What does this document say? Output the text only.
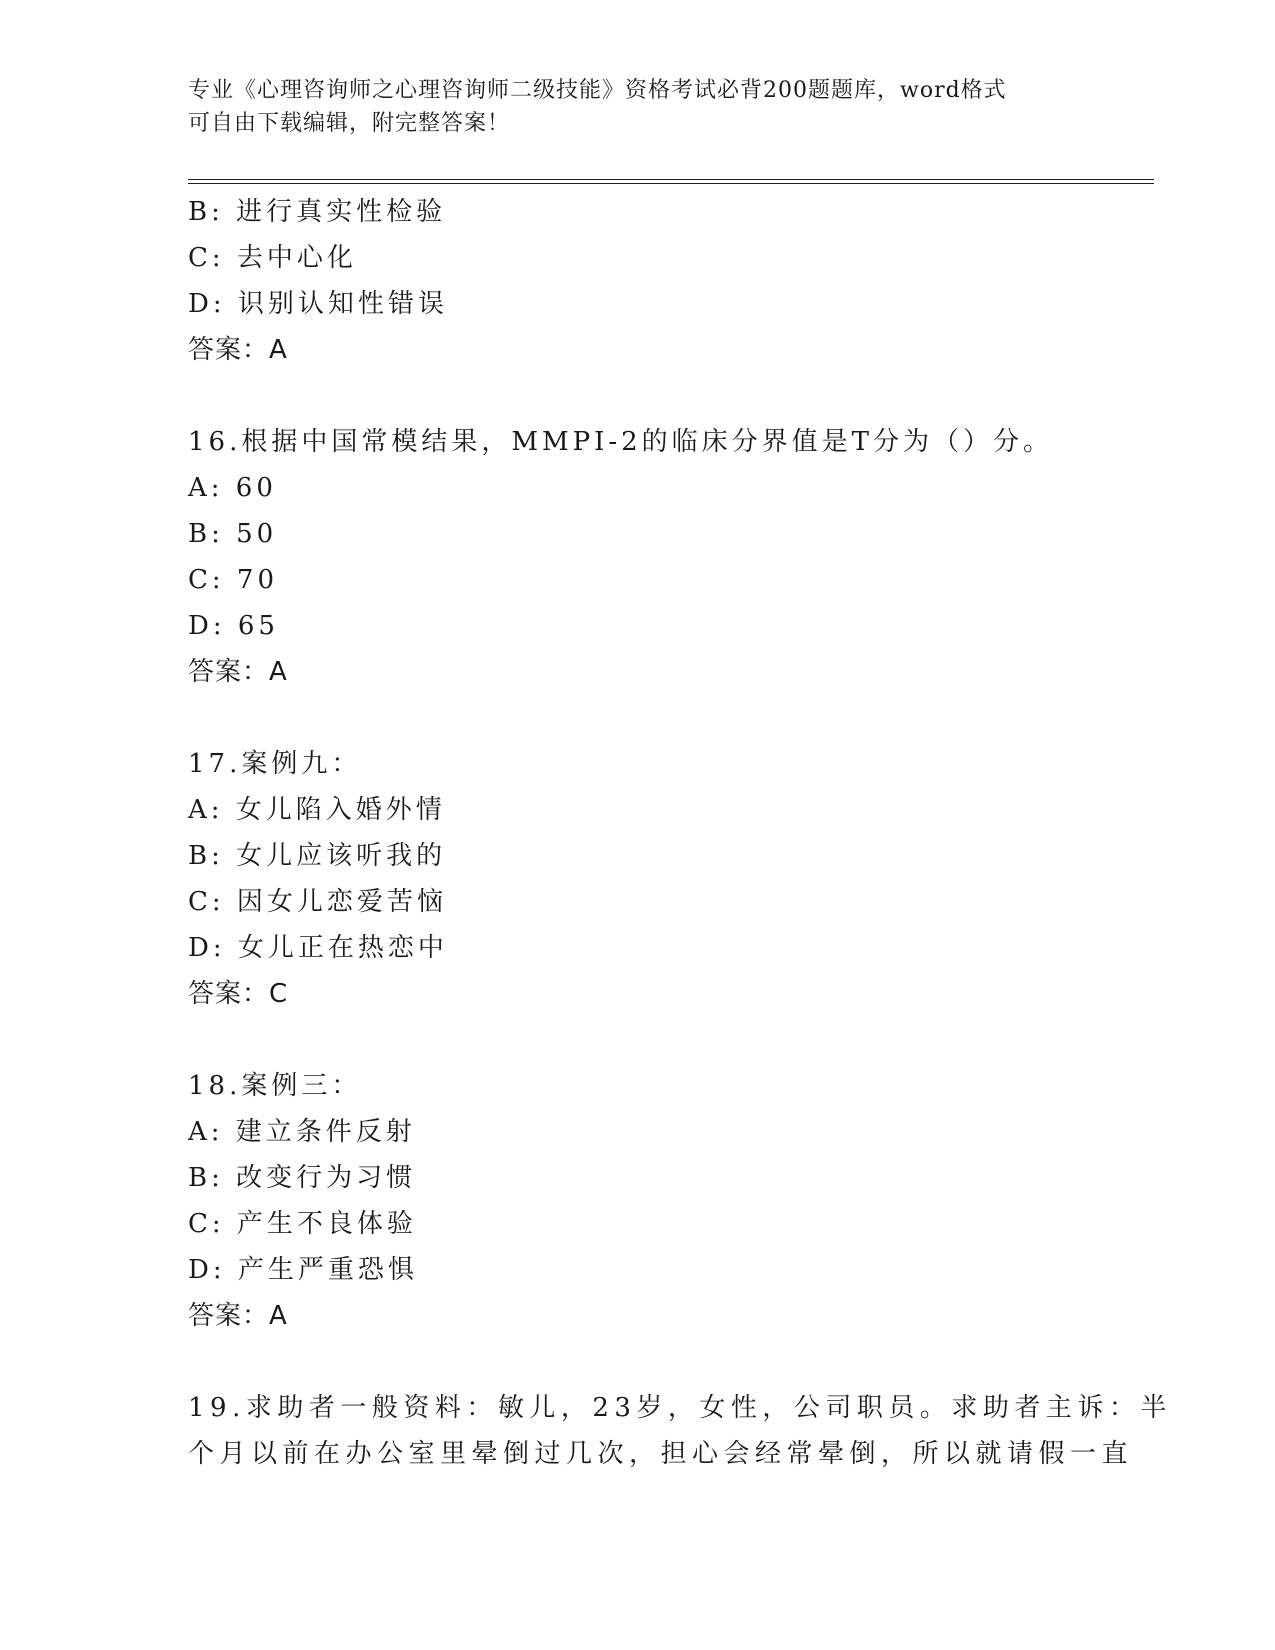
专业《心理咨询师之心理咨询师二级技能》资格考试必背200题题库，word格式
可自由下载编辑，附完整答案！
B: 进行真实性检验
C: 去中心化
D: 识别认知性错误
答案：A
16.根据中国常模结果，MMPI-2的临床分界值是T分为（）分。
A: 60
B: 50
C: 70
D: 65
答案：A
17.案例九：
A: 女儿陷入婚外情
B: 女儿应该听我的
C: 因女儿恋爱苦恼
D: 女儿正在热恋中
答案：C
18.案例三：
A: 建立条件反射
B: 改变行为习惯
C: 产生不良体验
D: 产生严重恐惧
答案：A
19.求助者一般资料：敏儿，23岁，女性，公司职员。求助者主诉：半
个月以前在办公室里晕倒过几次，担心会经常晕倒，所以就请假一直
